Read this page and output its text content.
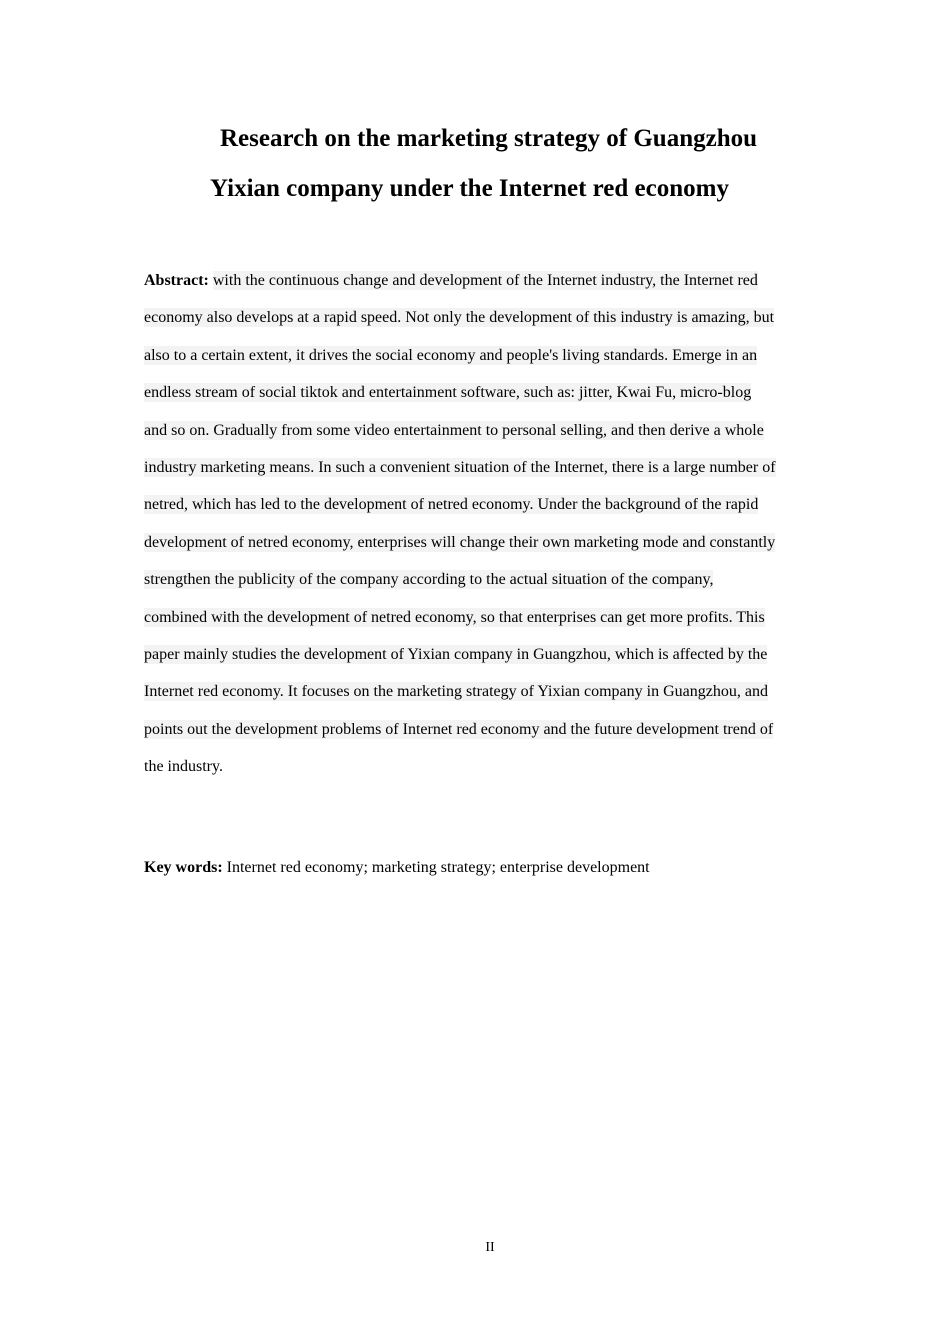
Research on the marketing strategy of Guangzhou
Yixian company under the Internet red economy
Abstract: with the continuous change and development of the Internet industry, the Internet red
economy also develops at a rapid speed. Not only the development of this industry is amazing, but
also to a certain extent, it drives the social economy and people's living standards. Emerge in an
endless stream of social tiktok and entertainment software, such as: jitter, Kwai Fu, micro-blog
and so on. Gradually from some video entertainment to personal selling, and then derive a whole
industry marketing means. In such a convenient situation of the Internet, there is a large number of
netred, which has led to the development of netred economy. Under the background of the rapid
development of netred economy, enterprises will change their own marketing mode and constantly
strengthen the publicity of the company according to the actual situation of the company,
combined with the development of netred economy, so that enterprises can get more profits. This
paper mainly studies the development of Yixian company in Guangzhou, which is affected by the
Internet red economy. It focuses on the marketing strategy of Yixian company in Guangzhou, and
points out the development problems of Internet red economy and the future development trend of
the industry.
Key words: Internet red economy; marketing strategy; enterprise development
II
